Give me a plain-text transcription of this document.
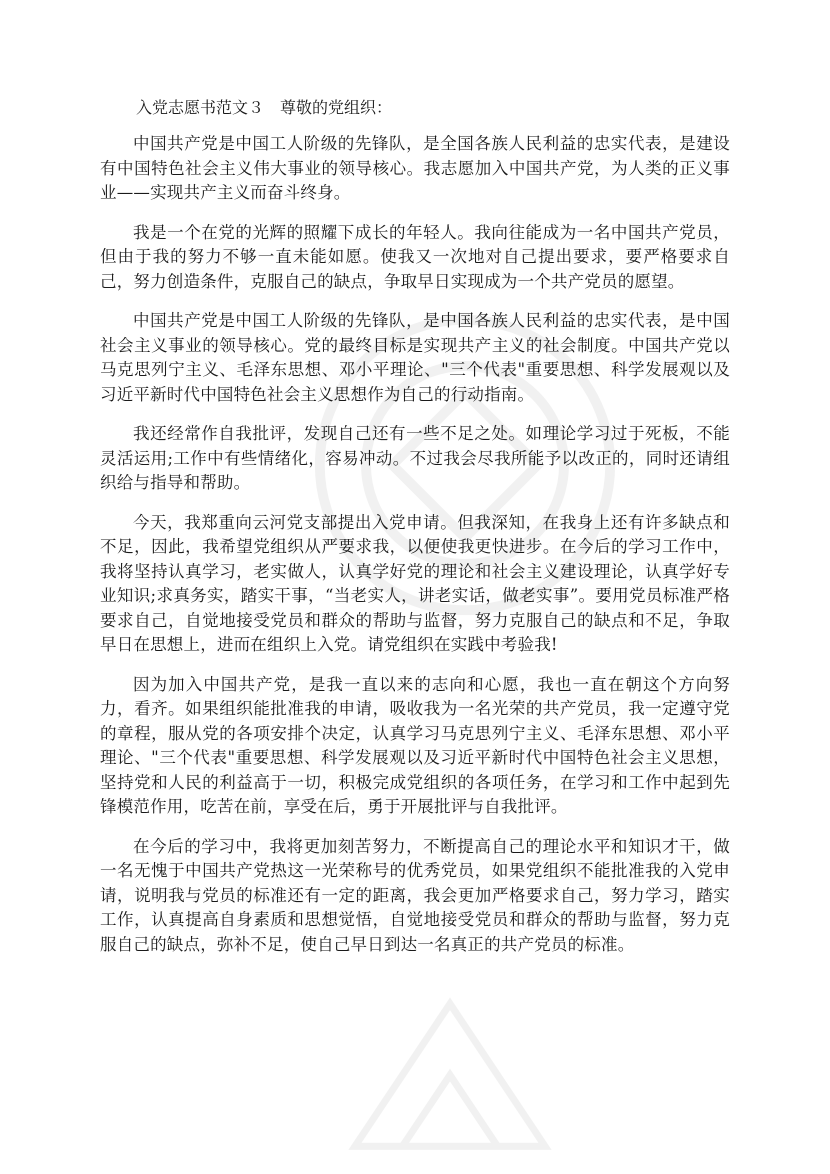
入党志愿书范文３　尊敬的党组织：

中国共产党是中国工人阶级的先锋队，是全国各族人民利益的忠实代表，是建设有中国特色社会主义伟大事业的领导核心。我志愿加入中国共产党，为人类的正义事业——实现共产主义而奋斗终身。

我是一个在党的光辉的照耀下成长的年轻人。我向往能成为一名中国共产党员，但由于我的努力不够一直未能如愿。使我又一次地对自己提出要求，要严格要求自己，努力创造条件，克服自己的缺点，争取早日实现成为一个共产党员的愿望。

中国共产党是中国工人阶级的先锋队，是中国各族人民利益的忠实代表，是中国社会主义事业的领导核心。党的最终目标是实现共产主义的社会制度。中国共产党以马克思列宁主义、毛泽东思想、邓小平理论、"三个代表"重要思想、科学发展观以及习近平新时代中国特色社会主义思想作为自己的行动指南。

我还经常作自我批评，发现自己还有一些不足之处。如理论学习过于死板，不能灵活运用;工作中有些情绪化，容易冲动。不过我会尽我所能予以改正的，同时还请组织给与指导和帮助。

今天，我郑重向云河党支部提出入党申请。但我深知，在我身上还有许多缺点和不足，因此，我希望党组织从严要求我，以便使我更快进步。在今后的学习工作中，我将坚持认真学习，老实做人，认真学好党的理论和社会主义建设理论，认真学好专业知识;求真务实，踏实干事，“当老实人，讲老实话，做老实事”。要用党员标准严格要求自己，自觉地接受党员和群众的帮助与监督，努力克服自己的缺点和不足，争取早日在思想上，进而在组织上入党。请党组织在实践中考验我!

因为加入中国共产党，是我一直以来的志向和心愿，我也一直在朝这个方向努力，看齐。如果组织能批准我的申请，吸收我为一名光荣的共产党员，我一定遵守党的章程，服从党的各项安排个决定，认真学习马克思列宁主义、毛泽东思想、邓小平理论、"三个代表"重要思想、科学发展观以及习近平新时代中国特色社会主义思想，坚持党和人民的利益高于一切，积极完成党组织的各项任务，在学习和工作中起到先锋模范作用，吃苦在前，享受在后，勇于开展批评与自我批评。

在今后的学习中，我将更加刻苦努力，不断提高自己的理论水平和知识才干，做一名无愧于中国共产党热这一光荣称号的优秀党员，如果党组织不能批准我的入党申请，说明我与党员的标准还有一定的距离，我会更加严格要求自己，努力学习，踏实工作，认真提高自身素质和思想觉悟，自觉地接受党员和群众的帮助与监督，努力克服自己的缺点，弥补不足，使自己早日到达一名真正的共产党员的标准。
